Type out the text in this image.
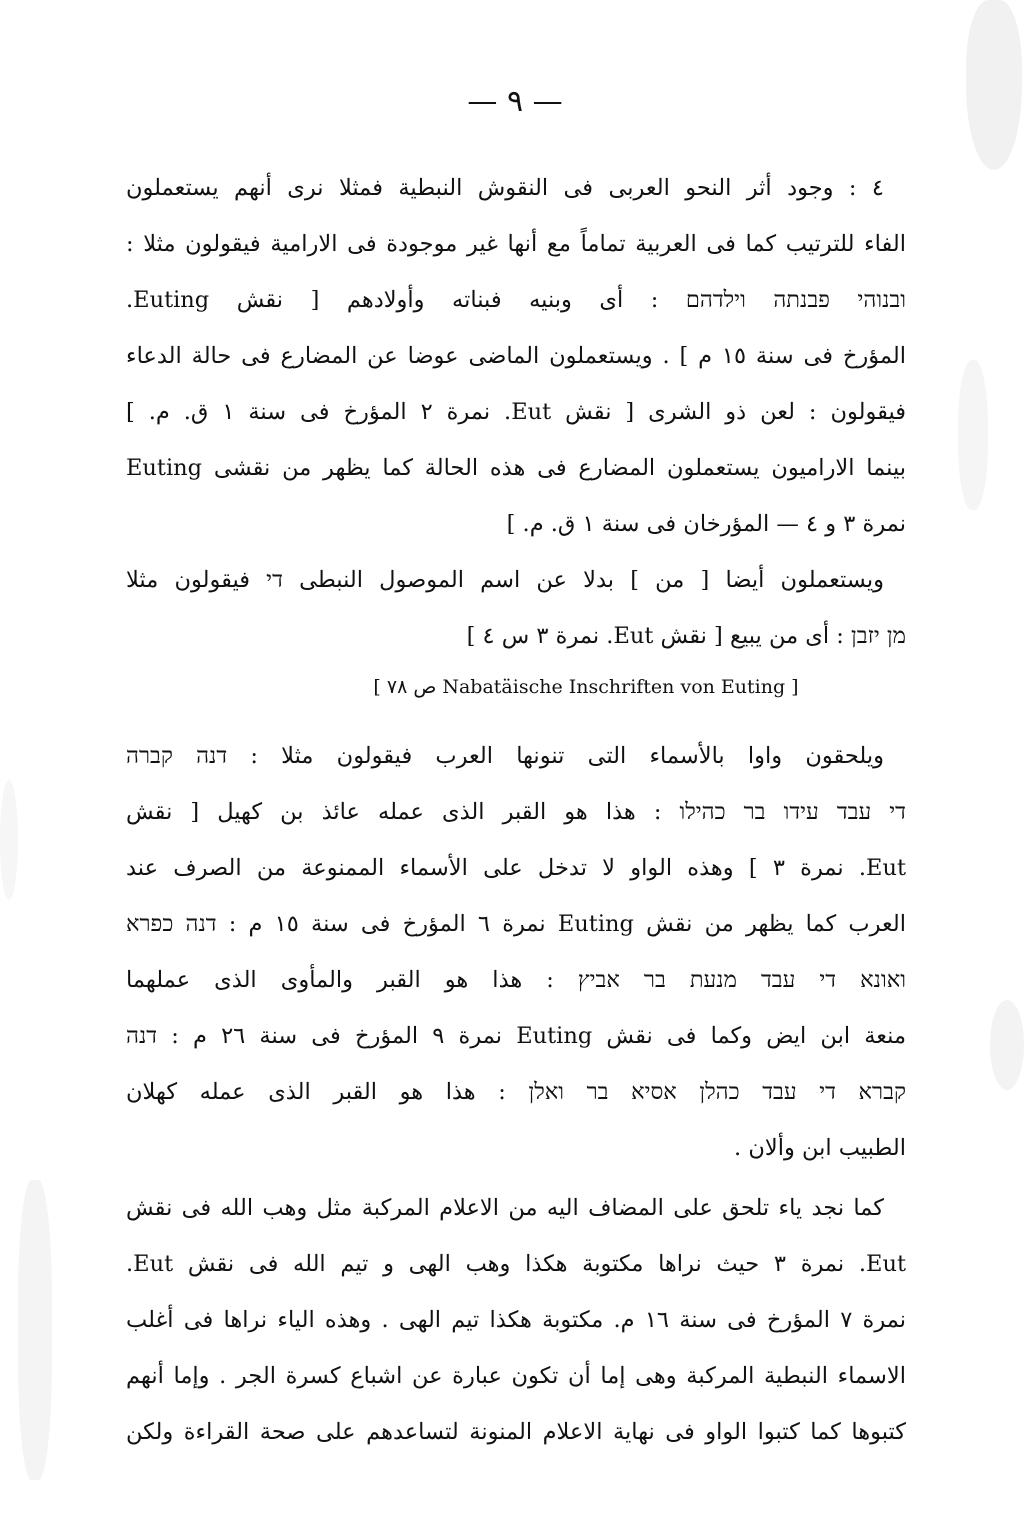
— ٩ —
٤ : وجود أثر النحو العربى فى النقوش النبطية فمثلا نرى أنهم يستعملون
الفاء للترتيب كما فى العربية تماماً مع أنها غير موجودة فى الارامية فيقولون مثلا :
ובנוהי פבנתה וילדהם : أى وبنيه فبناته وأولادهم [ نقش Euting.
المؤرخ فى سنة ١٥ م ] . ويستعملون الماضى عوضا عن المضارع فى حالة الدعاء
فيقولون : لعن ذو الشرى [ نقش Eut. نمرة ٢ المؤرخ فى سنة ١ ق. م. ]
بينما الاراميون يستعملون المضارع فى هذه الحالة كما يظهر من نقشى Euting
نمرة ٣ و ٤ — المؤرخان فى سنة ١ ق. م. ]
ويستعملون أيضا [ من ] بدلا عن اسم الموصول النبطى די فيقولون مثلا
מן יזבן : أى من يبيع [ نقش Eut. نمرة ٣ س ٤ ]
[ Nabatäische Inschriften von Euting ص ٧٨ ]
ويلحقون واوا بالأسماء التى تنونها العرب فيقولون مثلا : דנה קברה
די עבד עידו בר כהילו : هذا هو القبر الذى عمله عائذ بن كهيل [ نقش
Eut. نمرة ٣ ] وهذه الواو لا تدخل على الأسماء الممنوعة من الصرف عند
العرب كما يظهر من نقش Euting نمرة ٦ المؤرخ فى سنة ١٥ م : דנה כפרא
ואונא די עבד מנעת בר אביץ : هذا هو القبر والمأوى الذى عملهما
منعة ابن ايض وكما فى نقش Euting نمرة ٩ المؤرخ فى سنة ٢٦ م : דנה
קברא די עבד כהלן אסיא בר ואלן : هذا هو القبر الذى عمله كهلان
الطبيب ابن وألان .
كما نجد ياء تلحق على المضاف اليه من الاعلام المركبة مثل وهب الله فى نقش
Eut. نمرة ٣ حيث نراها مكتوبة هكذا وهب الهى و تيم الله فى نقش Eut.
نمرة ٧ المؤرخ فى سنة ١٦ م. مكتوبة هكذا تيم الهى . وهذه الياء نراها فى أغلب
الاسماء النبطية المركبة وهى إما أن تكون عبارة عن اشباع كسرة الجر . وإما أنهم
كتبوها كما كتبوا الواو فى نهاية الاعلام المنونة لتساعدهم على صحة القراءة ولكن
